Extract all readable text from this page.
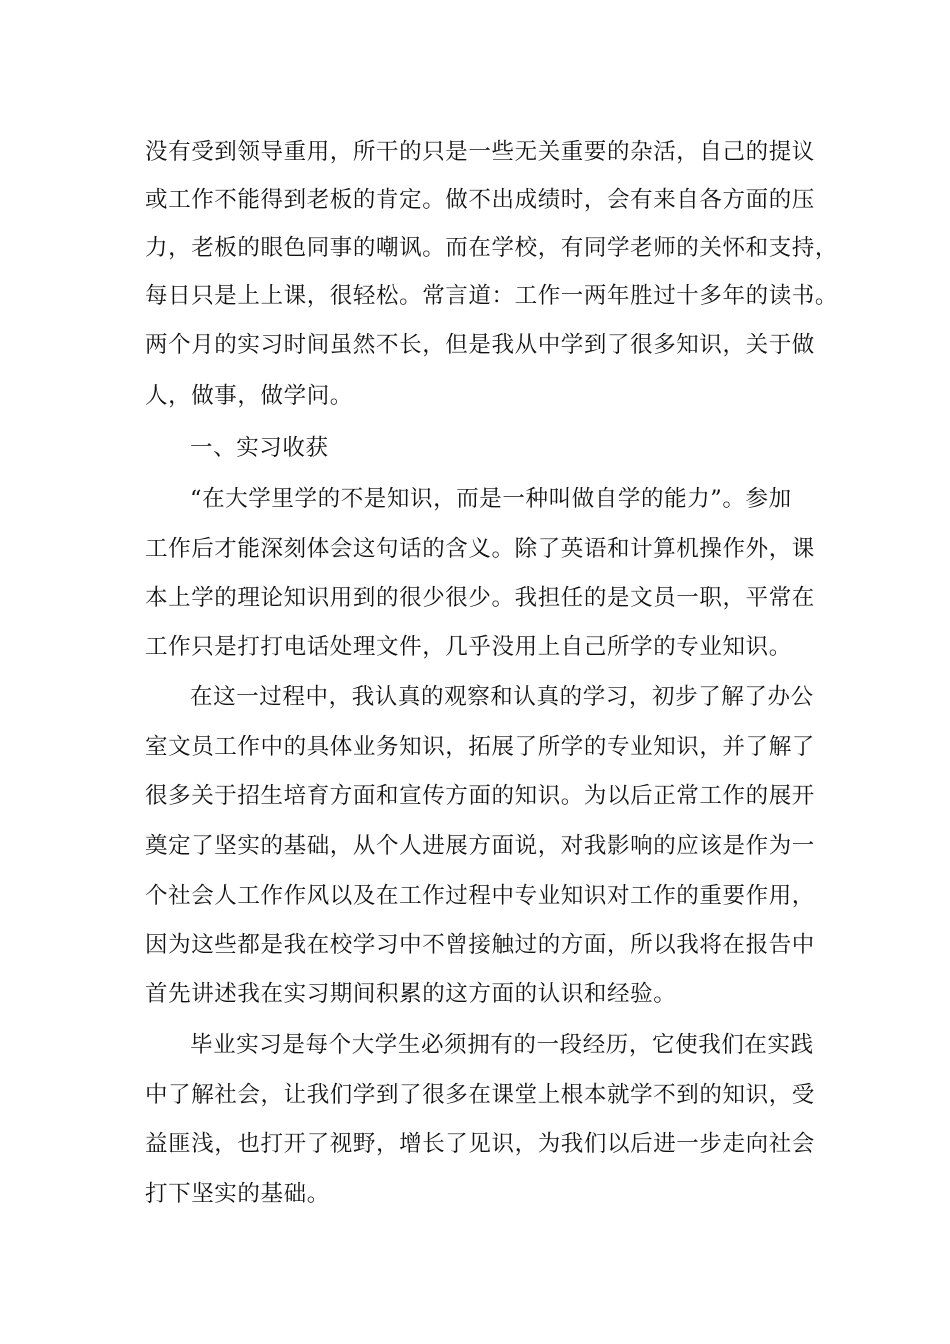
没有受到领导重用，所干的只是一些无关重要的杂活，自己的提议
或工作不能得到老板的肯定。做不出成绩时，会有来自各方面的压
力，老板的眼色同事的嘲讽。而在学校，有同学老师的关怀和支持，
每日只是上上课，很轻松。常言道：工作一两年胜过十多年的读书。
两个月的实习时间虽然不长，但是我从中学到了很多知识，关于做
人，做事，做学问。
一、实习收获
“在大学里学的不是知识，而是一种叫做自学的能力”。参加
工作后才能深刻体会这句话的含义。除了英语和计算机操作外，课
本上学的理论知识用到的很少很少。我担任的是文员一职，平常在
工作只是打打电话处理文件，几乎没用上自己所学的专业知识。
在这一过程中，我认真的观察和认真的学习，初步了解了办公
室文员工作中的具体业务知识，拓展了所学的专业知识，并了解了
很多关于招生培育方面和宣传方面的知识。为以后正常工作的展开
奠定了坚实的基础，从个人进展方面说，对我影响的应该是作为一
个社会人工作作风以及在工作过程中专业知识对工作的重要作用，
因为这些都是我在校学习中不曾接触过的方面，所以我将在报告中
首先讲述我在实习期间积累的这方面的认识和经验。
毕业实习是每个大学生必须拥有的一段经历，它使我们在实践
中了解社会，让我们学到了很多在课堂上根本就学不到的知识，受
益匪浅，也打开了视野，增长了见识，为我们以后进一步走向社会
打下坚实的基础。
